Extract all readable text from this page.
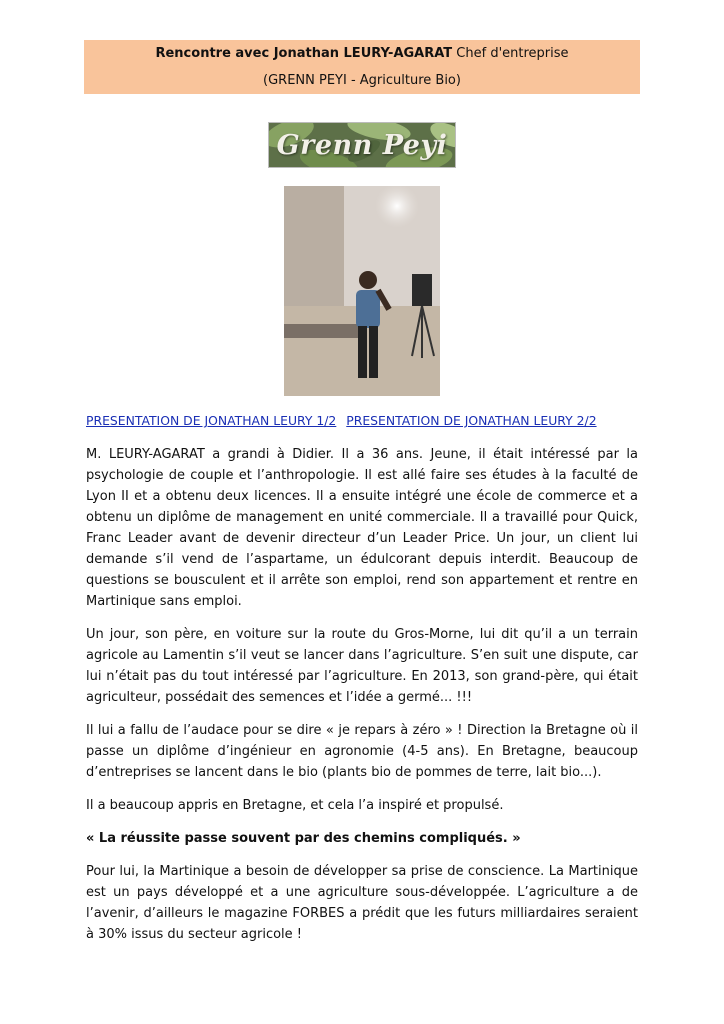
Rencontre avec Jonathan LEURY-AGARAT Chef d'entreprise
(GRENN PEYI - Agriculture Bio)
Grenn Peyi
PRESENTATION DE JONATHAN LEURY 1/2 PRESENTATION DE JONATHAN LEURY 2/2

M. LEURY-AGARAT a grandi à Didier. Il a 36 ans. Jeune, il était intéressé par la psychologie de couple et l’anthropologie. Il est allé faire ses études à la faculté de Lyon II et a obtenu deux licences. Il a ensuite intégré une école de commerce et a obtenu un diplôme de management en unité commerciale. Il a travaillé pour Quick, Franc Leader avant de devenir directeur d’un Leader Price. Un jour, un client lui demande s’il vend de l’aspartame, un édulcorant depuis interdit. Beaucoup de questions se bousculent et il arrête son emploi, rend son appartement et rentre en Martinique sans emploi.

Un jour, son père, en voiture sur la route du Gros-Morne, lui dit qu’il a un terrain agricole au Lamentin s’il veut se lancer dans l’agriculture. S’en suit une dispute, car lui n’était pas du tout intéressé par l’agriculture. En 2013, son grand-père, qui était agriculteur, possédait des semences et l’idée a germé... !!!

Il lui a fallu de l’audace pour se dire « je repars à zéro » ! Direction la Bretagne où il passe un diplôme d’ingénieur en agronomie (4-5 ans). En Bretagne, beaucoup d’entreprises se lancent dans le bio (plants bio de pommes de terre, lait bio...).

Il a beaucoup appris en Bretagne, et cela l’a inspiré et propulsé.

« La réussite passe souvent par des chemins compliqués. »

Pour lui, la Martinique a besoin de développer sa prise de conscience. La Martinique est un pays développé et a une agriculture sous-développée. L’agriculture a de l’avenir, d’ailleurs le magazine FORBES a prédit que les futurs milliardaires seraient à 30% issus du secteur agricole !
